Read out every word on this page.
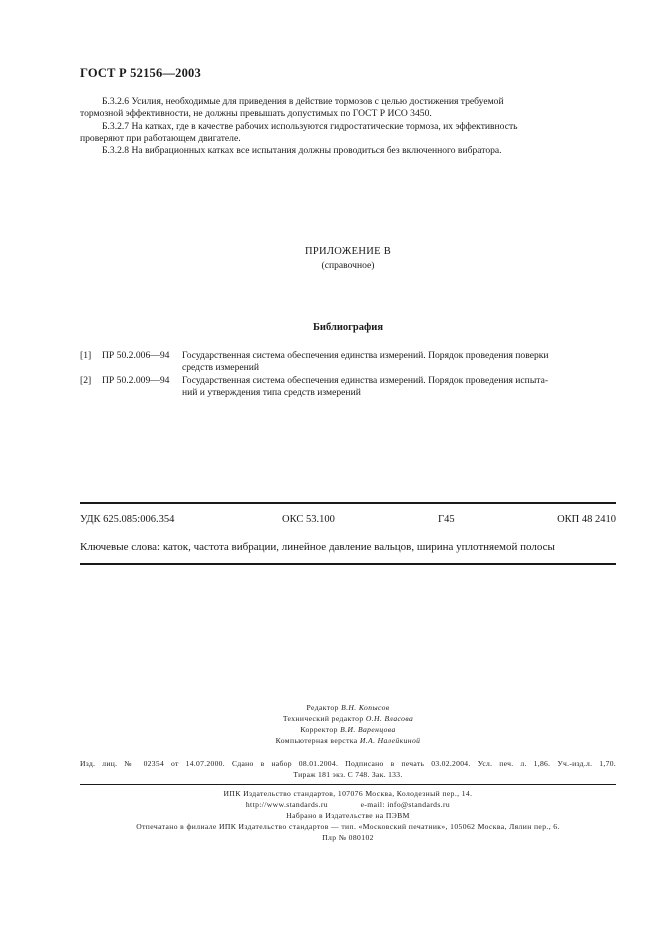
ГОСТ Р 52156—2003
Б.3.2.6 Усилия, необходимые для приведения в действие тормозов с целью достижения требуемой
тормозной эффективности, не должны превышать допустимых по ГОСТ Р ИСО 3450.
Б.3.2.7 На катках, где в качестве рабочих используются гидростатические тормоза, их эффективность
проверяют при работающем двигателе.
Б.3.2.8 На вибрационных катках все испытания должны проводиться без включенного вибратора.
ПРИЛОЖЕНИЕ В
(справочное)
Библиография
[1] ПР 50.2.006—94 Государственная система обеспечения единства измерений. Порядок проведения поверки
средств измерений
[2] ПР 50.2.009—94 Государственная система обеспечения единства измерений. Порядок проведения испыта-
ний и утверждения типа средств измерений
УДК 625.085:006.354	ОКС 53.100	Г45	ОКП 48 2410
Ключевые слова: каток, частота вибрации, линейное давление вальцов, ширина уплотняемой полосы
Редактор В.Н. Копысов
Технический редактор О.Н. Власова
Корректор В.И. Варенцова
Компьютерная верстка И.А. Налейкиной
Изд. лиц. № 02354 от 14.07.2000. Сдано в набор 08.01.2004. Подписано в печать 03.02.2004. Усл. печ. л. 1,86. Уч.-изд.л. 1,70.
Тираж 181 экз. С 748. Зак. 133.
ИПК Издательство стандартов, 107076 Москва, Колодезный пер., 14.
http://www.standards.ru	e-mail: info@standards.ru
Набрано в Издательстве на ПЭВМ
Отпечатано в филиале ИПК Издательство стандартов — тип. «Московский печатник», 105062 Москва, Лялин пер., 6.
Плр № 080102
